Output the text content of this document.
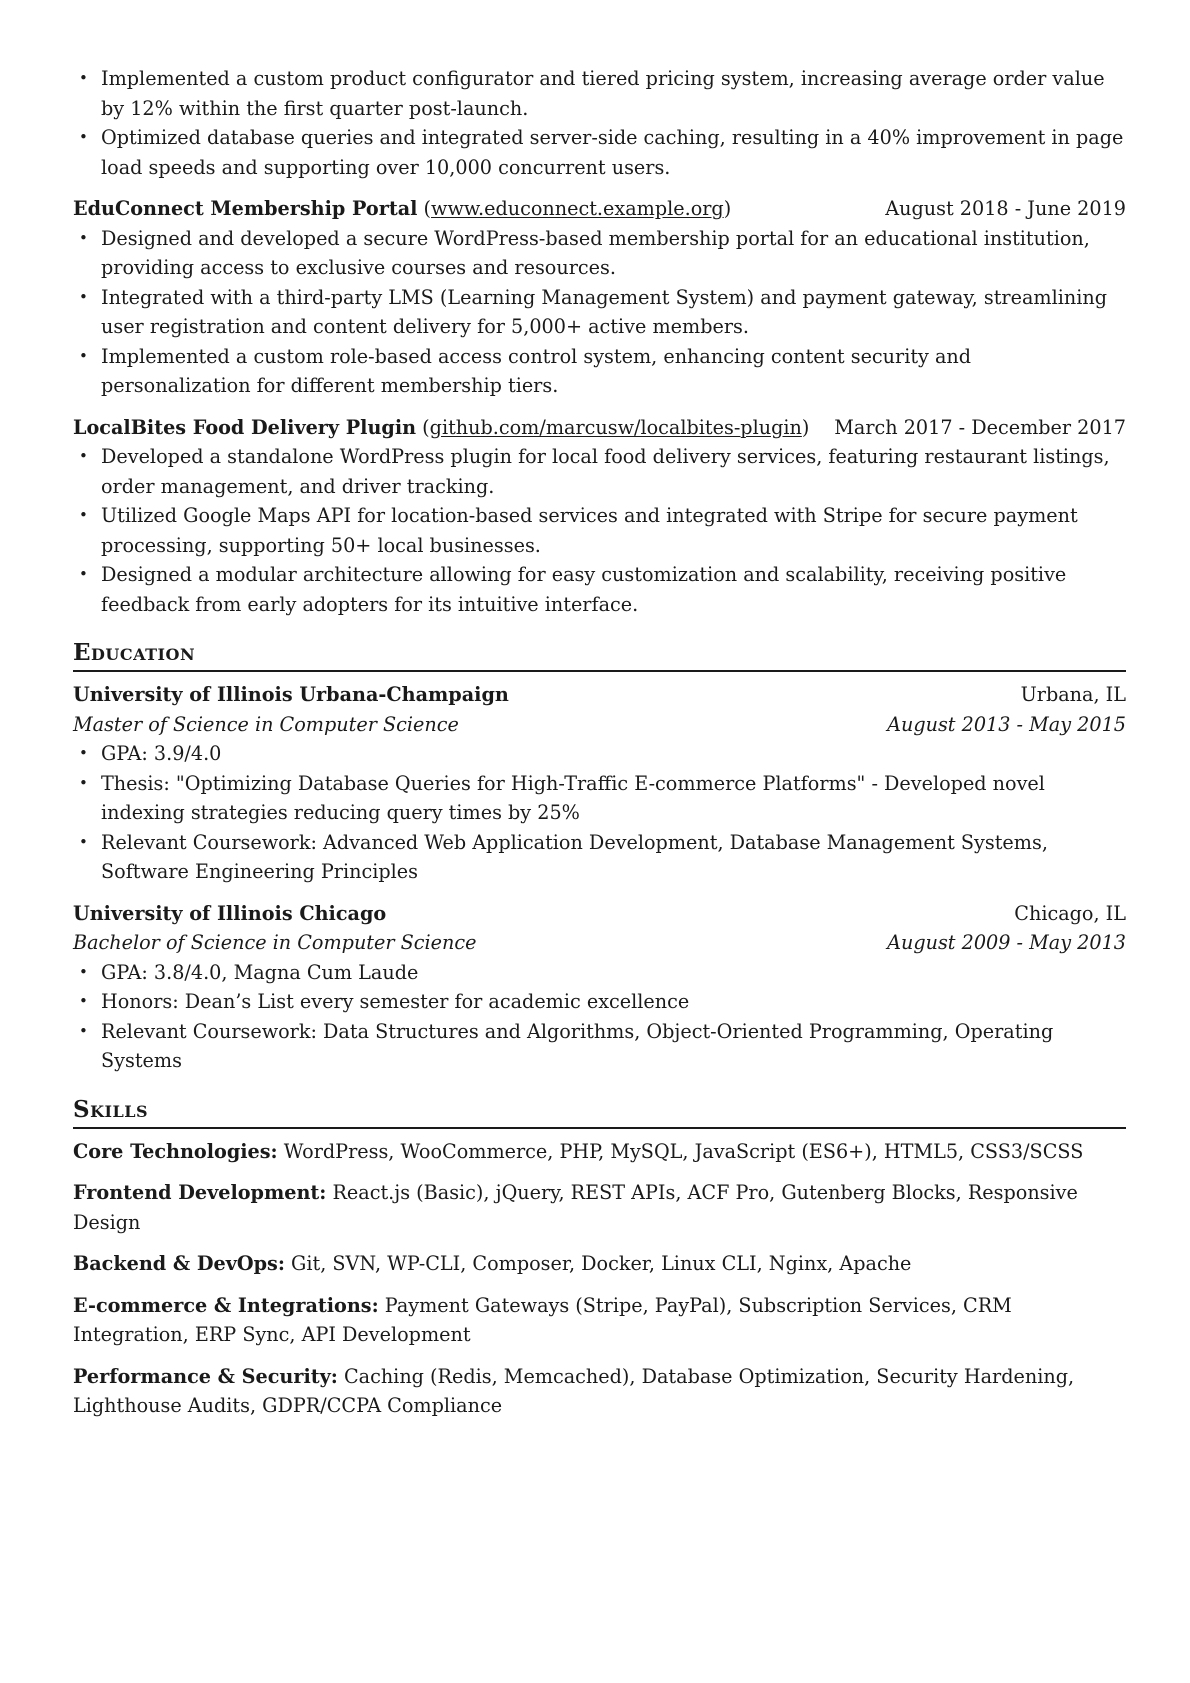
• Implemented a custom product configurator and tiered pricing system, increasing average order value by 12% within the first quarter post-launch.
• Optimized database queries and integrated server-side caching, resulting in a 40% improvement in page load speeds and supporting over 10,000 concurrent users.
EduConnect Membership Portal (www.educonnect.example.org)	August 2018 - June 2019
• Designed and developed a secure WordPress-based membership portal for an educational institution, providing access to exclusive courses and resources.
• Integrated with a third-party LMS (Learning Management System) and payment gateway, streamlining user registration and content delivery for 5,000+ active members.
• Implemented a custom role-based access control system, enhancing content security and personalization for different membership tiers.
LocalBites Food Delivery Plugin (github.com/marcusw/localbites-plugin) March 2017 - December 2017
• Developed a standalone WordPress plugin for local food delivery services, featuring restaurant listings, order management, and driver tracking.
• Utilized Google Maps API for location-based services and integrated with Stripe for secure payment processing, supporting 50+ local businesses.
• Designed a modular architecture allowing for easy customization and scalability, receiving positive feedback from early adopters for its intuitive interface.
Education
University of Illinois Urbana-Champaign	Urbana, IL
Master of Science in Computer Science	August 2013 - May 2015
• GPA: 3.9/4.0
• Thesis: "Optimizing Database Queries for High-Traffic E-commerce Platforms" - Developed novel indexing strategies reducing query times by 25%
• Relevant Coursework: Advanced Web Application Development, Database Management Systems, Software Engineering Principles
University of Illinois Chicago	Chicago, IL
Bachelor of Science in Computer Science	August 2009 - May 2013
• GPA: 3.8/4.0, Magna Cum Laude
• Honors: Dean’s List every semester for academic excellence
• Relevant Coursework: Data Structures and Algorithms, Object-Oriented Programming, Operating Systems
Skills
Core Technologies: WordPress, WooCommerce, PHP, MySQL, JavaScript (ES6+), HTML5, CSS3/SCSS
Frontend Development: React.js (Basic), jQuery, REST APIs, ACF Pro, Gutenberg Blocks, Responsive Design
Backend & DevOps: Git, SVN, WP-CLI, Composer, Docker, Linux CLI, Nginx, Apache
E-commerce & Integrations: Payment Gateways (Stripe, PayPal), Subscription Services, CRM Integration, ERP Sync, API Development
Performance & Security: Caching (Redis, Memcached), Database Optimization, Security Hardening, Lighthouse Audits, GDPR/CCPA Compliance
